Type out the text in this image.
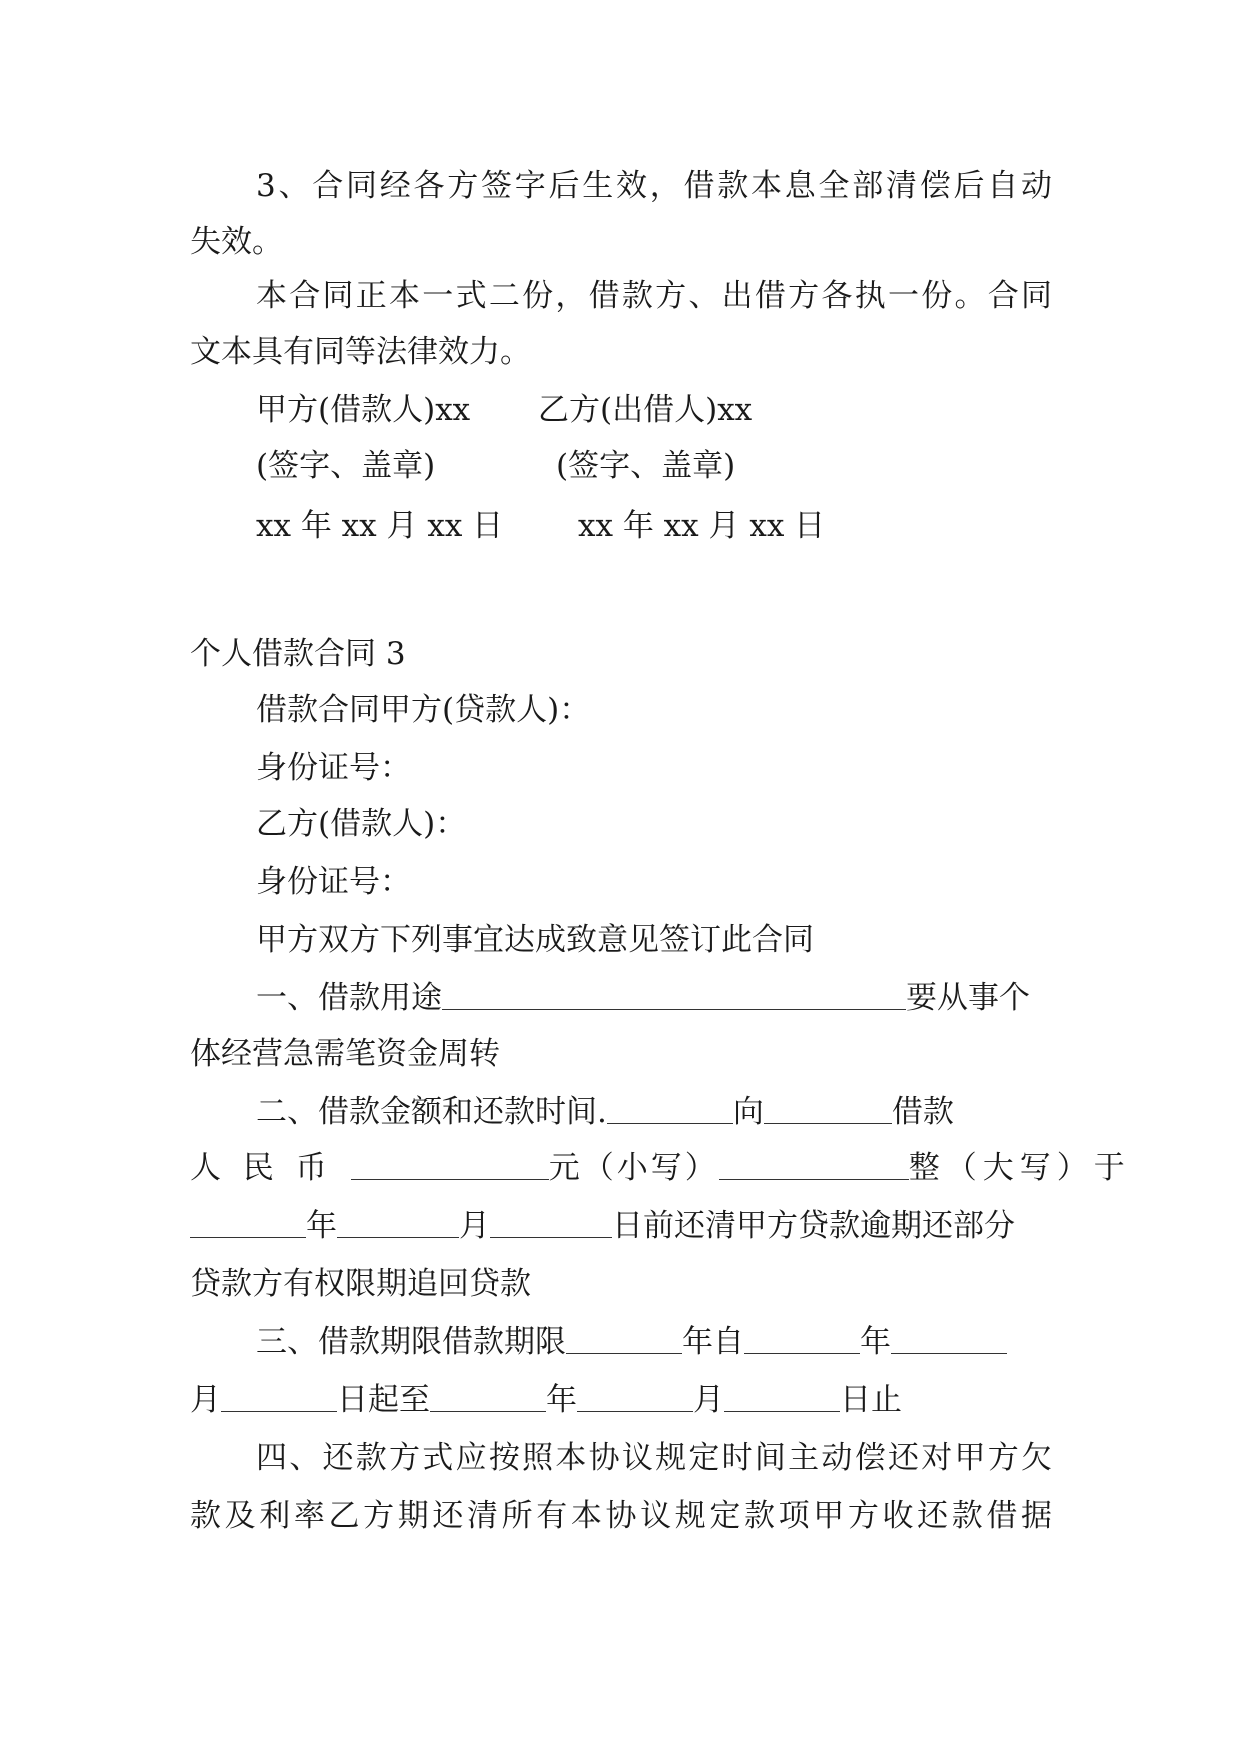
3、合同经各方签字后生效，借款本息全部清偿后自动
失效。
本合同正本一式二份，借款方、出借方各执一份。合同
文本具有同等法律效力。
甲方(借款人)xx 乙方(出借人)xx
(签字、盖章)	(签字、盖章)
xx 年 xx 月 xx 日 xx 年 xx 月 xx 日
个人借款合同 3
借款合同甲方(贷款人)：
身份证号：
乙方(借款人)：
身份证号：
甲方双方下列事宜达成致意见签订此合同
一、借款用途	要从事个
体经营急需笔资金周转
二、借款金额和还款时间.	向	借款
人 民 币	元（小写）	整（大写）于
年	月	日前还清甲方贷款逾期还部分
贷款方有权限期追回贷款
三、借款期限借款期限	年自	年
月	日起至	年	月	日止
四、还款方式应按照本协议规定时间主动偿还对甲方欠
款及利率乙方期还清所有本协议规定款项甲方收还款借据
